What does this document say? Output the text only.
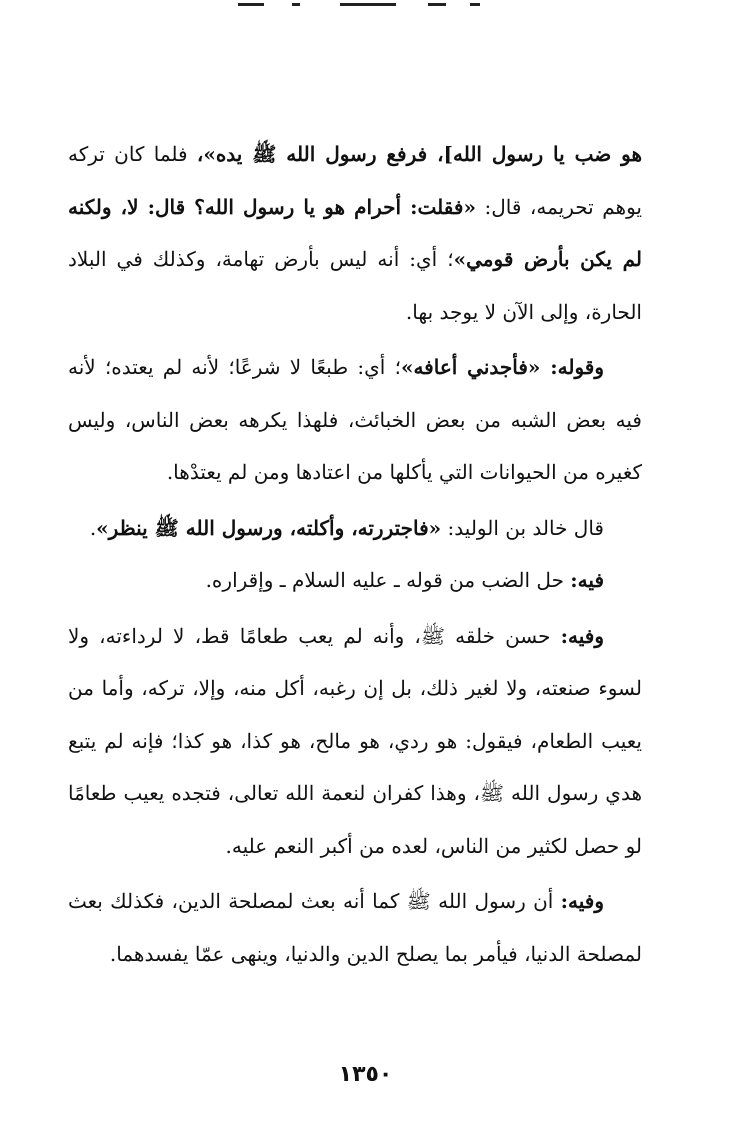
هو ضب يا رسول الله]، فرفع رسول الله ﷺ يده»، فلما كان تركه يوهم تحريمه، قال: «فقلت: أحرام هو يا رسول الله؟ قال: لا، ولكنه لم يكن بأرض قومي»؛ أي: أنه ليس بأرض تهامة، وكذلك في البلاد الحارة، وإلى الآن لا يوجد بها.

وقوله: «فأجدني أعافه»؛ أي: طبعًا لا شرعًا؛ لأنه لم يعتده؛ لأنه فيه بعض الشبه من بعض الخبائث، فلهذا يكرهه بعض الناس، وليس كغيره من الحيوانات التي يأكلها من اعتادها ومن لم يعتدْها.

قال خالد بن الوليد: «فاجتررته، وأكلته، ورسول الله ﷺ ينظر».

فيه: حل الضب من قوله ـ عليه السلام ـ وإقراره.

وفيه: حسن خلقه ﷺ، وأنه لم يعب طعامًا قط، لا لرداءته، ولا لسوء صنعته، ولا لغير ذلك، بل إن رغبه، أكل منه، وإلا، تركه، وأما من يعيب الطعام، فيقول: هو ردي، هو مالح، هو كذا، هو كذا؛ فإنه لم يتبع هدي رسول الله ﷺ، وهذا كفران لنعمة الله تعالى، فتجده يعيب طعامًا لو حصل لكثير من الناس، لعده من أكبر النعم عليه.

وفيه: أن رسول الله ﷺ كما أنه بعث لمصلحة الدين، فكذلك بعث لمصلحة الدنيا، فيأمر بما يصلح الدين والدنيا، وينهى عمّا يفسدهما.

١٣٥٠
